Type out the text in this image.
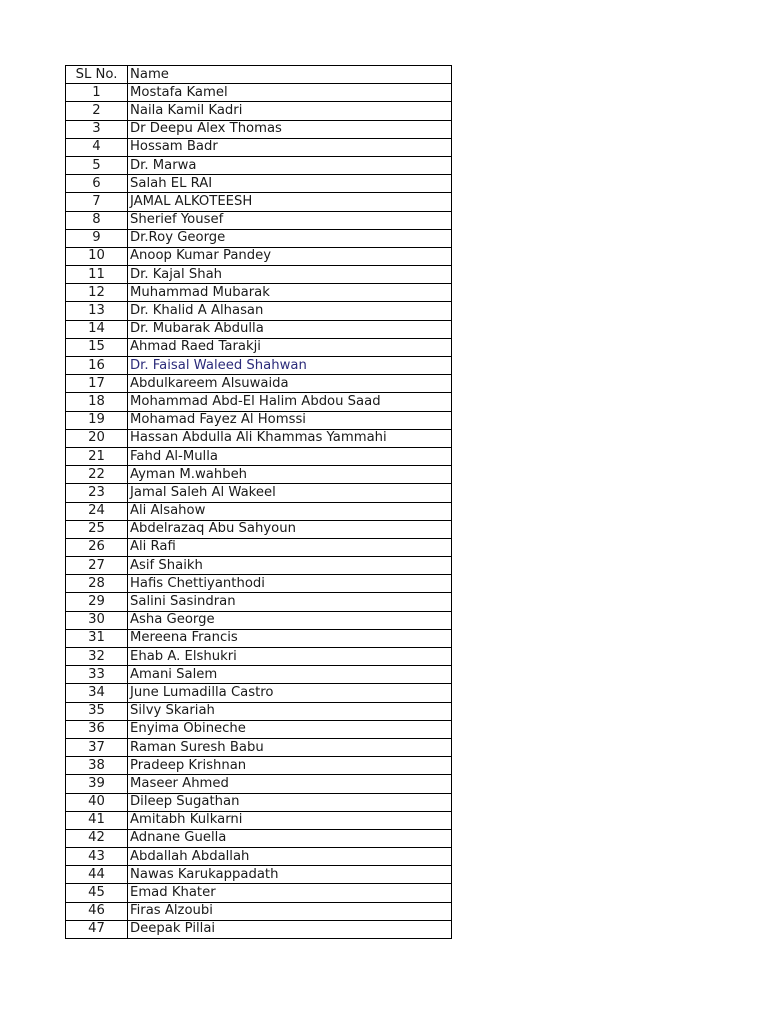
SL No.	Name
1	Mostafa Kamel
2	Naila Kamil Kadri
3	Dr Deepu Alex Thomas
4	Hossam Badr
5	Dr. Marwa
6	Salah EL RAI
7	JAMAL ALKOTEESH
8	Sherief Yousef
9	Dr.Roy George
10	Anoop Kumar Pandey
11	Dr. Kajal Shah
12	Muhammad Mubarak
13	Dr. Khalid A Alhasan
14	Dr. Mubarak Abdulla
15	Ahmad Raed Tarakji
16	Dr. Faisal Waleed Shahwan
17	Abdulkareem Alsuwaida
18	Mohammad Abd-El Halim Abdou Saad
19	Mohamad Fayez Al Homssi
20	Hassan Abdulla Ali Khammas Yammahi
21	Fahd Al-Mulla
22	Ayman M.wahbeh
23	Jamal Saleh Al Wakeel
24	Ali Alsahow
25	Abdelrazaq Abu Sahyoun
26	Ali Rafi
27	Asif Shaikh
28	Hafis Chettiyanthodi
29	Salini Sasindran
30	Asha George
31	Mereena Francis
32	Ehab A. Elshukri
33	Amani Salem
34	June Lumadilla Castro
35	Silvy Skariah
36	Enyima Obineche
37	Raman Suresh Babu
38	Pradeep Krishnan
39	Maseer Ahmed
40	Dileep Sugathan
41	Amitabh Kulkarni
42	Adnane Guella
43	Abdallah Abdallah
44	Nawas Karukappadath
45	Emad Khater
46	Firas Alzoubi
47	Deepak Pillai
